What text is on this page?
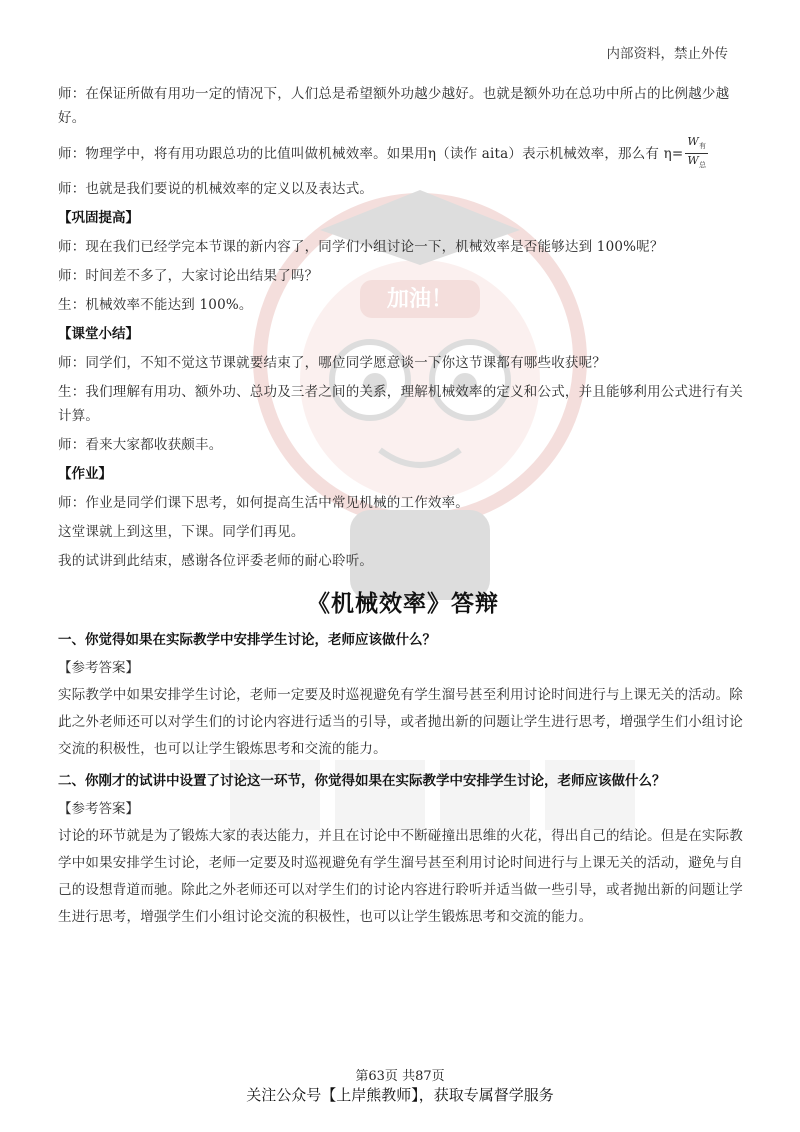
加油！
内部资料，禁止外传

师：在保证所做有用功一定的情况下，人们总是希望额外功越少越好。也就是额外功在总功中所占的比例越少越好。

师：物理学中，将有用功跟总功的比值叫做机械效率。如果用η（读作 aita）表示机械效率，那么有 $\eta= \frac{W_有}{W_总}$

师：也就是我们要说的机械效率的定义以及表达式。

【巩固提高】

师：现在我们已经学完本节课的新内容了，同学们小组讨论一下，机械效率是否能够达到 100%呢？

师：时间差不多了，大家讨论出结果了吗？

生：机械效率不能达到 100%。

【课堂小结】

师：同学们，不知不觉这节课就要结束了，哪位同学愿意谈一下你这节课都有哪些收获呢？

生：我们理解有用功、额外功、总功及三者之间的关系，理解机械效率的定义和公式，并且能够利用公式进行有关计算。

师：看来大家都收获颇丰。

【作业】

师：作业是同学们课下思考，如何提高生活中常见机械的工作效率。

这堂课就上到这里，下课。同学们再见。

我的试讲到此结束，感谢各位评委老师的耐心聆听。

《机械效率》答辩

一、你觉得如果在实际教学中安排学生讨论，老师应该做什么？

【参考答案】

实际教学中如果安排学生讨论，老师一定要及时巡视避免有学生溜号甚至利用讨论时间进行与上课无关的活动。除此之外老师还可以对学生们的讨论内容进行适当的引导，或者抛出新的问题让学生进行思考，增强学生们小组讨论交流的积极性，也可以让学生锻炼思考和交流的能力。

二、你刚才的试讲中设置了讨论这一环节，你觉得如果在实际教学中安排学生讨论，老师应该做什么？

【参考答案】

讨论的环节就是为了锻炼大家的表达能力，并且在讨论中不断碰撞出思维的火花，得出自己的结论。但是在实际教学中如果安排学生讨论，老师一定要及时巡视避免有学生溜号甚至利用讨论时间进行与上课无关的活动，避免与自己的设想背道而驰。除此之外老师还可以对学生们的讨论内容进行聆听并适当做一些引导，或者抛出新的问题让学生进行思考，增强学生们小组讨论交流的积极性，也可以让学生锻炼思考和交流的能力。

第63页 共87页
关注公众号【上岸熊教师】，获取专属督学服务
